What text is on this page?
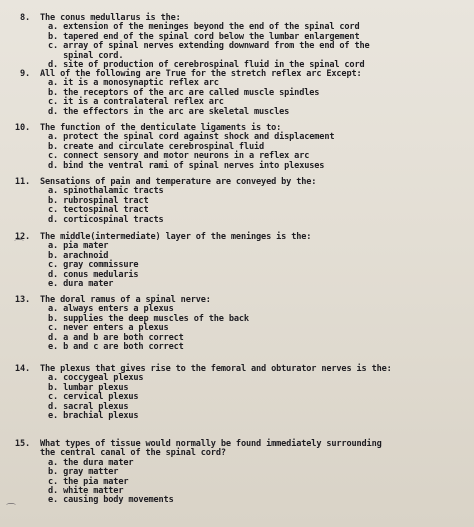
8. The conus medullarus is the:
a. extension of the meninges beyond the end of the spinal cord
b. tapered end of the spinal cord below the lumbar enlargement
c. array of spinal nerves extending downward from the end of the
spinal cord.
d. site of production of cerebrospinal fluid in the spinal cord
9. All of the following are True for the stretch reflex arc Except:
a. it is a monosynaptic reflex arc
b. the receptors of the arc are called muscle spindles
c. it is a contralateral reflex arc
d. the effectors in the arc are skeletal muscles
10. The function of the denticulate ligaments is to:
a. protect the spinal cord against shock and displacement
b. create and circulate cerebrospinal fluid
c. connect sensory and motor neurons in a reflex arc
d. bind the ventral rami of spinal nerves into plexuses
11. Sensations of pain and temperature are conveyed by the:
a. spinothalamic tracts
b. rubrospinal tract
c. tectospinal tract
d. corticospinal tracts
⌒
12. The middle(intermediate) layer of the meninges is the:
a. pia mater
b. arachnoid
c. gray commissure
d. conus medularis
e. dura mater
13. The doral ramus of a spinal nerve:
a. always enters a plexus
b. supplies the deep muscles of the back
c. never enters a plexus
d. a and b are both correct
e. b and c are both correct
14. The plexus that gives rise to the femoral and obturator nerves is the:
a. coccygeal plexus
b. lumbar plexus
c. cervical plexus
d. sacral plexus
e. brachial plexus
15. What types of tissue would normally be found immediately surrounding
the central canal of the spinal cord?
a. the dura mater
b. gray matter
c. the pia mater
d. white matter
e. causing body movements
⌒
